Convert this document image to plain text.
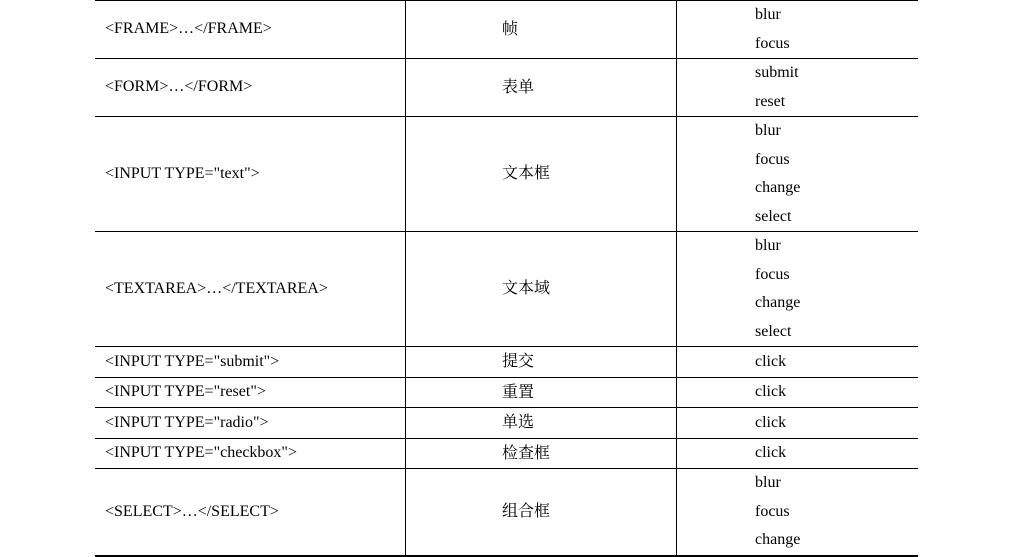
<FRAME>…</FRAME>	帧	blur
focus

<FORM>…</FORM>	表单	submit
reset

<INPUT TYPE="text">	文本框	blur
focus
change
select

<TEXTAREA>…</TEXTAREA>	文本域	blur
focus
change
select

<INPUT TYPE="submit">	提交	click

<INPUT TYPE="reset">	重置	click

<INPUT TYPE="radio">	单选	click

<INPUT TYPE="checkbox">	检查框	click

<SELECT>…</SELECT>	组合框	blur
focus
change
